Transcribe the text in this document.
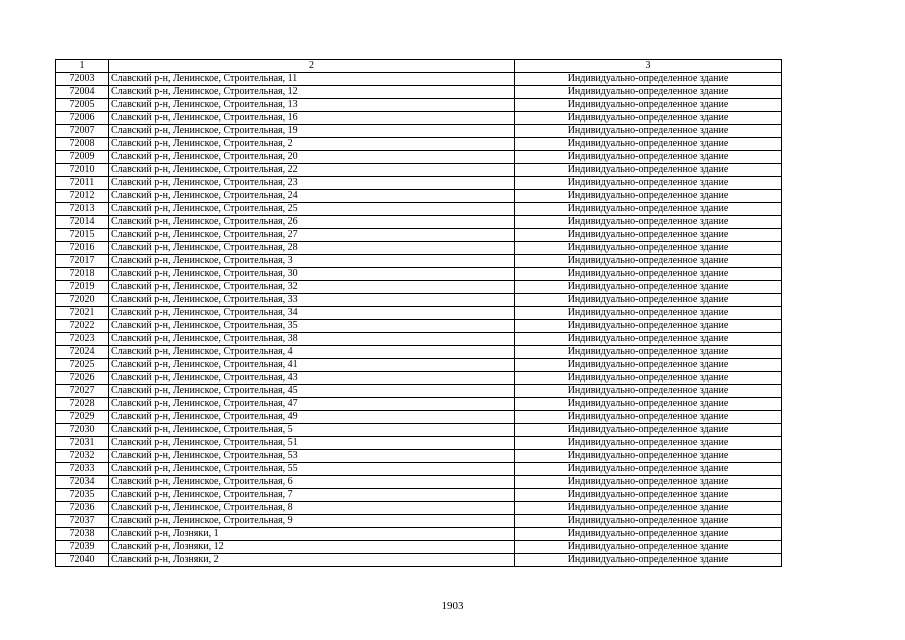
1	2	3
72003	Славский р-н, Ленинское, Строительная, 11	Индивидуально-определенное здание
72004	Славский р-н, Ленинское, Строительная, 12	Индивидуально-определенное здание
72005	Славский р-н, Ленинское, Строительная, 13	Индивидуально-определенное здание
72006	Славский р-н, Ленинское, Строительная, 16	Индивидуально-определенное здание
72007	Славский р-н, Ленинское, Строительная, 19	Индивидуально-определенное здание
72008	Славский р-н, Ленинское, Строительная, 2	Индивидуально-определенное здание
72009	Славский р-н, Ленинское, Строительная, 20	Индивидуально-определенное здание
72010	Славский р-н, Ленинское, Строительная, 22	Индивидуально-определенное здание
72011	Славский р-н, Ленинское, Строительная, 23	Индивидуально-определенное здание
72012	Славский р-н, Ленинское, Строительная, 24	Индивидуально-определенное здание
72013	Славский р-н, Ленинское, Строительная, 25	Индивидуально-определенное здание
72014	Славский р-н, Ленинское, Строительная, 26	Индивидуально-определенное здание
72015	Славский р-н, Ленинское, Строительная, 27	Индивидуально-определенное здание
72016	Славский р-н, Ленинское, Строительная, 28	Индивидуально-определенное здание
72017	Славский р-н, Ленинское, Строительная, 3	Индивидуально-определенное здание
72018	Славский р-н, Ленинское, Строительная, 30	Индивидуально-определенное здание
72019	Славский р-н, Ленинское, Строительная, 32	Индивидуально-определенное здание
72020	Славский р-н, Ленинское, Строительная, 33	Индивидуально-определенное здание
72021	Славский р-н, Ленинское, Строительная, 34	Индивидуально-определенное здание
72022	Славский р-н, Ленинское, Строительная, 35	Индивидуально-определенное здание
72023	Славский р-н, Ленинское, Строительная, 38	Индивидуально-определенное здание
72024	Славский р-н, Ленинское, Строительная, 4	Индивидуально-определенное здание
72025	Славский р-н, Ленинское, Строительная, 41	Индивидуально-определенное здание
72026	Славский р-н, Ленинское, Строительная, 43	Индивидуально-определенное здание
72027	Славский р-н, Ленинское, Строительная, 45	Индивидуально-определенное здание
72028	Славский р-н, Ленинское, Строительная, 47	Индивидуально-определенное здание
72029	Славский р-н, Ленинское, Строительная, 49	Индивидуально-определенное здание
72030	Славский р-н, Ленинское, Строительная, 5	Индивидуально-определенное здание
72031	Славский р-н, Ленинское, Строительная, 51	Индивидуально-определенное здание
72032	Славский р-н, Ленинское, Строительная, 53	Индивидуально-определенное здание
72033	Славский р-н, Ленинское, Строительная, 55	Индивидуально-определенное здание
72034	Славский р-н, Ленинское, Строительная, 6	Индивидуально-определенное здание
72035	Славский р-н, Ленинское, Строительная, 7	Индивидуально-определенное здание
72036	Славский р-н, Ленинское, Строительная, 8	Индивидуально-определенное здание
72037	Славский р-н, Ленинское, Строительная, 9	Индивидуально-определенное здание
72038	Славский р-н, Лозняки, 1	Индивидуально-определенное здание
72039	Славский р-н, Лозняки, 12	Индивидуально-определенное здание
72040	Славский р-н, Лозняки, 2	Индивидуально-определенное здание
1903
